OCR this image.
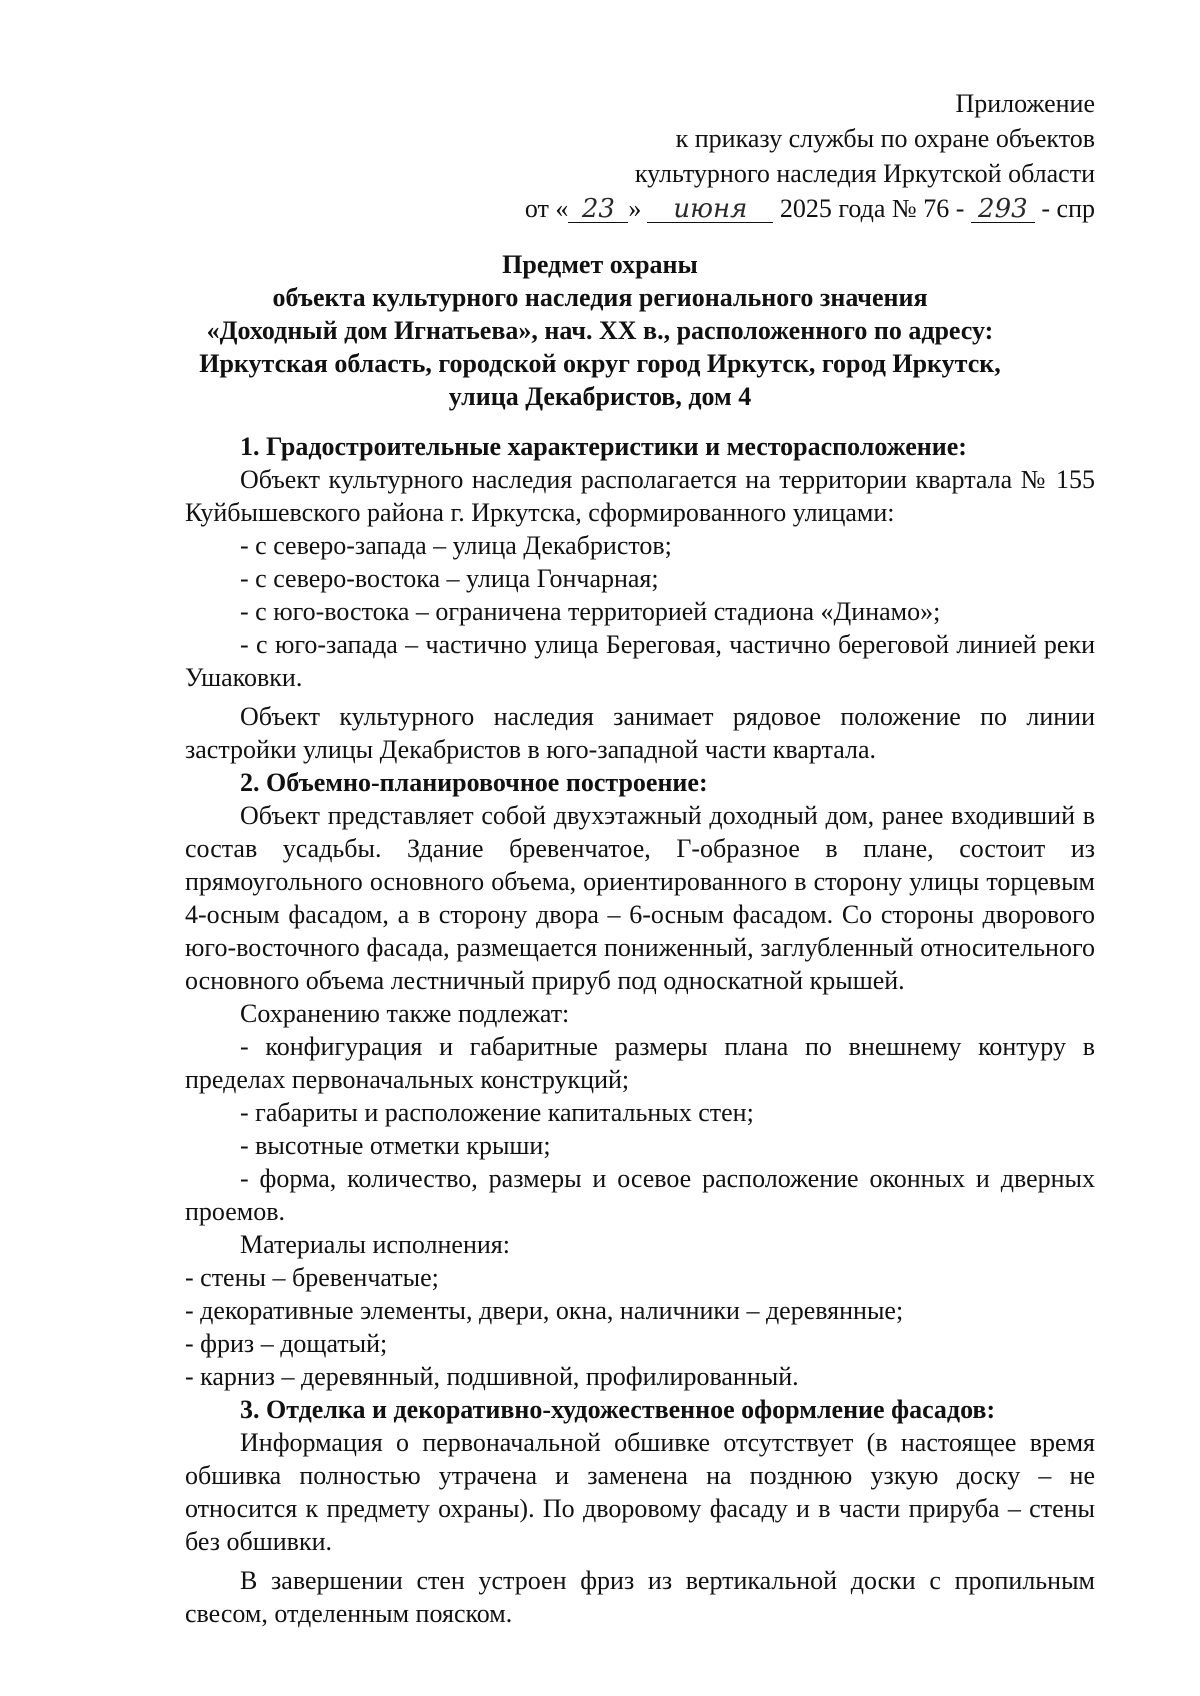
Приложение
к приказу службы по охране объектов
культурного наследия Иркутской области
от « 23 » июня 2025 года № 76 - 293 - спр
Предмет охраны
объекта культурного наследия регионального значения
«Доходный дом Игнатьева», нач. XX в., расположенного по адресу:
Иркутская область, городской округ город Иркутск, город Иркутск,
улица Декабристов, дом 4

1. Градостроительные характеристики и месторасположение:

Объект культурного наследия располагается на территории квартала № 155 Куйбышевского района г. Иркутска, сформированного улицами:

- с северо-запада – улица Декабристов;

- с северо-востока – улица Гончарная;

- с юго-востока – ограничена территорией стадиона «Динамо»;

- с юго-запада – частично улица Береговая, частично береговой линией реки Ушаковки.

Объект культурного наследия занимает рядовое положение по линии застройки улицы Декабристов в юго-западной части квартала.

2. Объемно-планировочное построение:

Объект представляет собой двухэтажный доходный дом, ранее входивший в состав усадьбы. Здание бревенчатое, Г-образное в плане, состоит из прямоугольного основного объема, ориентированного в сторону улицы торцевым 4-осным фасадом, а в сторону двора – 6-осным фасадом. Со стороны дворового юго-восточного фасада, размещается пониженный, заглубленный относительного основного объема лестничный прируб под односкатной крышей.

Сохранению также подлежат:

- конфигурация и габаритные размеры плана по внешнему контуру в пределах первоначальных конструкций;

- габариты и расположение капитальных стен;

- высотные отметки крыши;

- форма, количество, размеры и осевое расположение оконных и дверных проемов.

Материалы исполнения:

- стены – бревенчатые;

- декоративные элементы, двери, окна, наличники – деревянные;

- фриз – дощатый;

- карниз – деревянный, подшивной, профилированный.

3. Отделка и декоративно-художественное оформление фасадов:

Информация о первоначальной обшивке отсутствует (в настоящее время обшивка полностью утрачена и заменена на позднюю узкую доску – не относится к предмету охраны). По дворовому фасаду и в части прируба – стены без обшивки.

В завершении стен устроен фриз из вертикальной доски с пропильным свесом, отделенным пояском.
